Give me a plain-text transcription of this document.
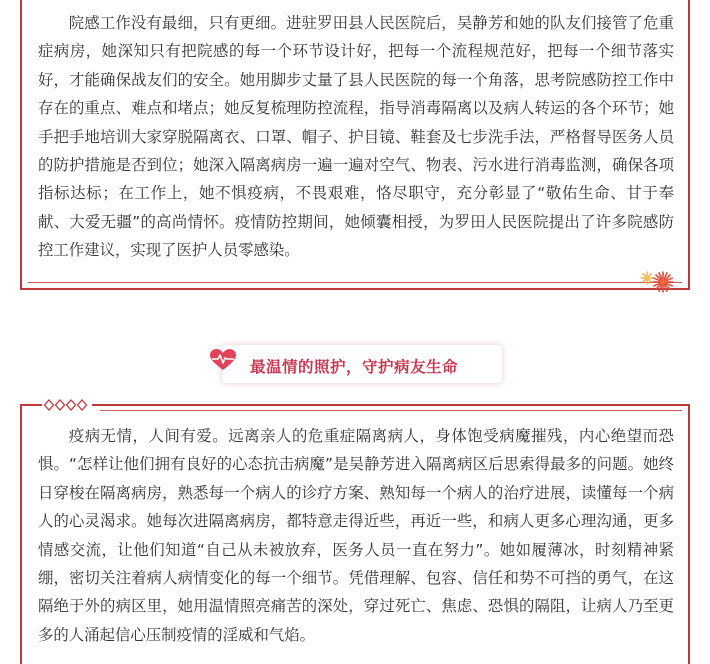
院感工作没有最细，只有更细。进驻罗田县人民医院后，吴静芳和她的队友们接管了危重症病房，她深知只有把院感的每一个环节设计好，把每一个流程规范好，把每一个细节落实好，才能确保战友们的安全。她用脚步丈量了县人民医院的每一个角落，思考院感防控工作中存在的重点、难点和堵点；她反复梳理防控流程，指导消毒隔离以及病人转运的各个环节；她手把手地培训大家穿脱隔离衣、口罩、帽子、护目镜、鞋套及七步洗手法，严格督导医务人员的防护措施是否到位；她深入隔离病房一遍一遍对空气、物表、污水进行消毒监测，确保各项指标达标；在工作上，她不惧疫病，不畏艰难，恪尽职守，充分彰显了“敬佑生命、甘于奉献、大爱无疆”的高尚情怀。疫情防控期间，她倾囊相授，为罗田人民医院提出了许多院感防控工作建议，实现了医护人员零感染。

最温情的照护，守护病友生命

疫病无情，人间有爱。远离亲人的危重症隔离病人，身体饱受病魔摧残，内心绝望而恐惧。“怎样让他们拥有良好的心态抗击病魔”是吴静芳进入隔离病区后思索得最多的问题。她终日穿梭在隔离病房，熟悉每一个病人的诊疗方案、熟知每一个病人的治疗进展，读懂每一个病人的心灵渴求。她每次进隔离病房，都特意走得近些，再近一些，和病人更多心理沟通，更多情感交流，让他们知道“自己从未被放弃，医务人员一直在努力”。她如履薄冰，时刻精神紧绷，密切关注着病人病情变化的每一个细节。凭借理解、包容、信任和势不可挡的勇气，在这隔绝于外的病区里，她用温情照亮痛苦的深处，穿过死亡、焦虑、恐惧的隔阻，让病人乃至更多的人涌起信心压制疫情的淫威和气焰。
